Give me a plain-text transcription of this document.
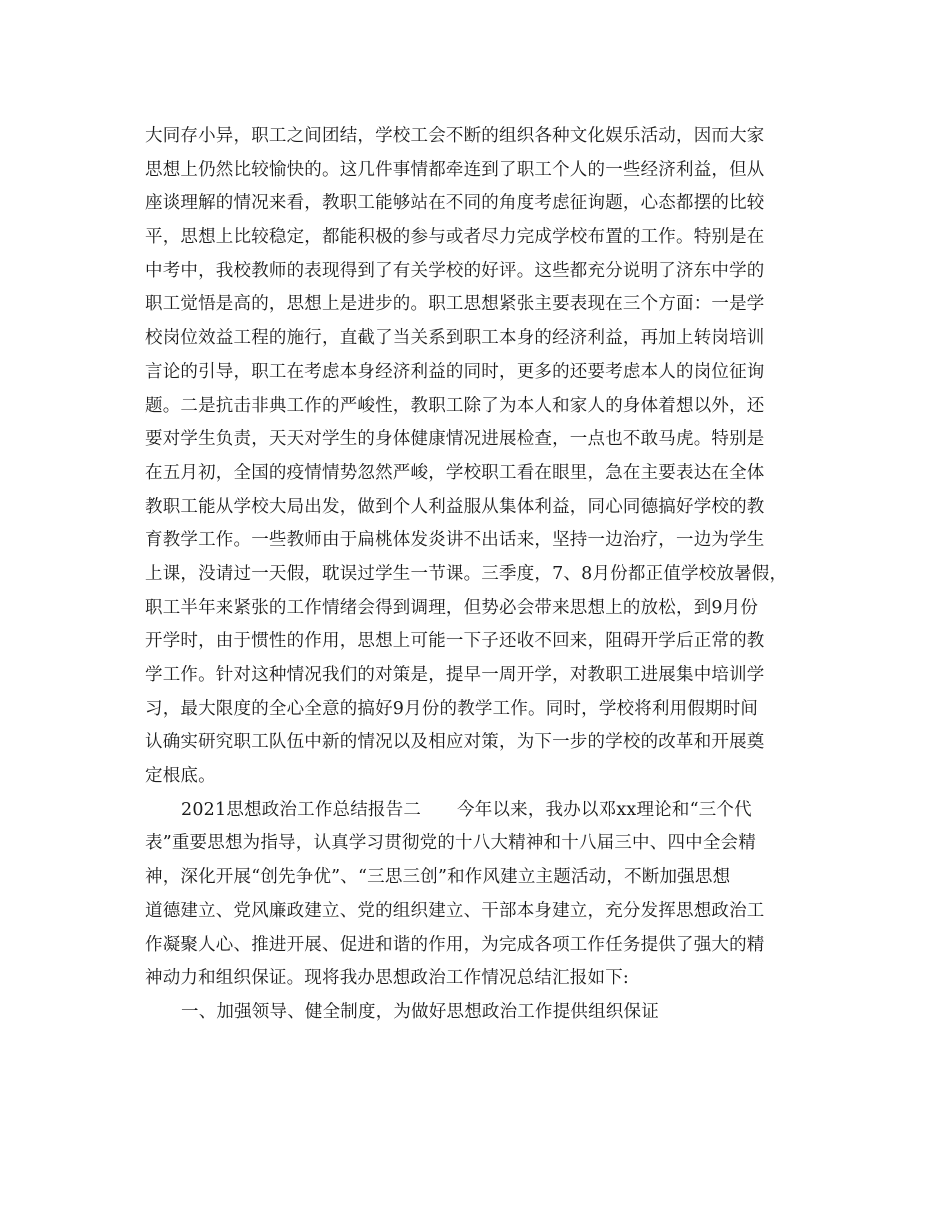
大同存小异，职工之间团结，学校工会不断的组织各种文化娱乐活动，因而大家
思想上仍然比较愉快的。这几件事情都牵连到了职工个人的一些经济利益，但从
座谈理解的情况来看，教职工能够站在不同的角度考虑征询题，心态都摆的比较
平，思想上比较稳定，都能积极的参与或者尽力完成学校布置的工作。特别是在
中考中，我校教师的表现得到了有关学校的好评。这些都充分说明了济东中学的
职工觉悟是高的，思想上是进步的。职工思想紧张主要表现在三个方面：一是学
校岗位效益工程的施行，直截了当关系到职工本身的经济利益，再加上转岗培训
言论的引导，职工在考虑本身经济利益的同时，更多的还要考虑本人的岗位征询
题。二是抗击非典工作的严峻性，教职工除了为本人和家人的身体着想以外，还
要对学生负责，天天对学生的身体健康情况进展检查，一点也不敢马虎。特别是
在五月初，全国的疫情情势忽然严峻，学校职工看在眼里，急在主要表达在全体
教职工能从学校大局出发，做到个人利益服从集体利益，同心同德搞好学校的教
育教学工作。一些教师由于扁桃体发炎讲不出话来，坚持一边治疗，一边为学生
上课，没请过一天假，耽误过学生一节课。三季度，7、8月份都正值学校放暑假，
职工半年来紧张的工作情绪会得到调理，但势必会带来思想上的放松，到9月份
开学时，由于惯性的作用，思想上可能一下子还收不回来，阻碍开学后正常的教
学工作。针对这种情况我们的对策是，提早一周开学，对教职工进展集中培训学
习，最大限度的全心全意的搞好9月份的教学工作。同时，学校将利用假期时间
认确实研究职工队伍中新的情况以及相应对策，为下一步的学校的改革和开展奠
定根底。
2021思想政治工作总结报告二 今年以来，我办以邓xx理论和“三个代
表”重要思想为指导，认真学习贯彻党的十八大精神和十八届三中、四中全会精
神，深化开展“创先争优”、“三思三创”和作风建立主题活动，不断加强思想
道德建立、党风廉政建立、党的组织建立、干部本身建立，充分发挥思想政治工
作凝聚人心、推进开展、促进和谐的作用，为完成各项工作任务提供了强大的精
神动力和组织保证。现将我办思想政治工作情况总结汇报如下:
一、加强领导、健全制度，为做好思想政治工作提供组织保证
